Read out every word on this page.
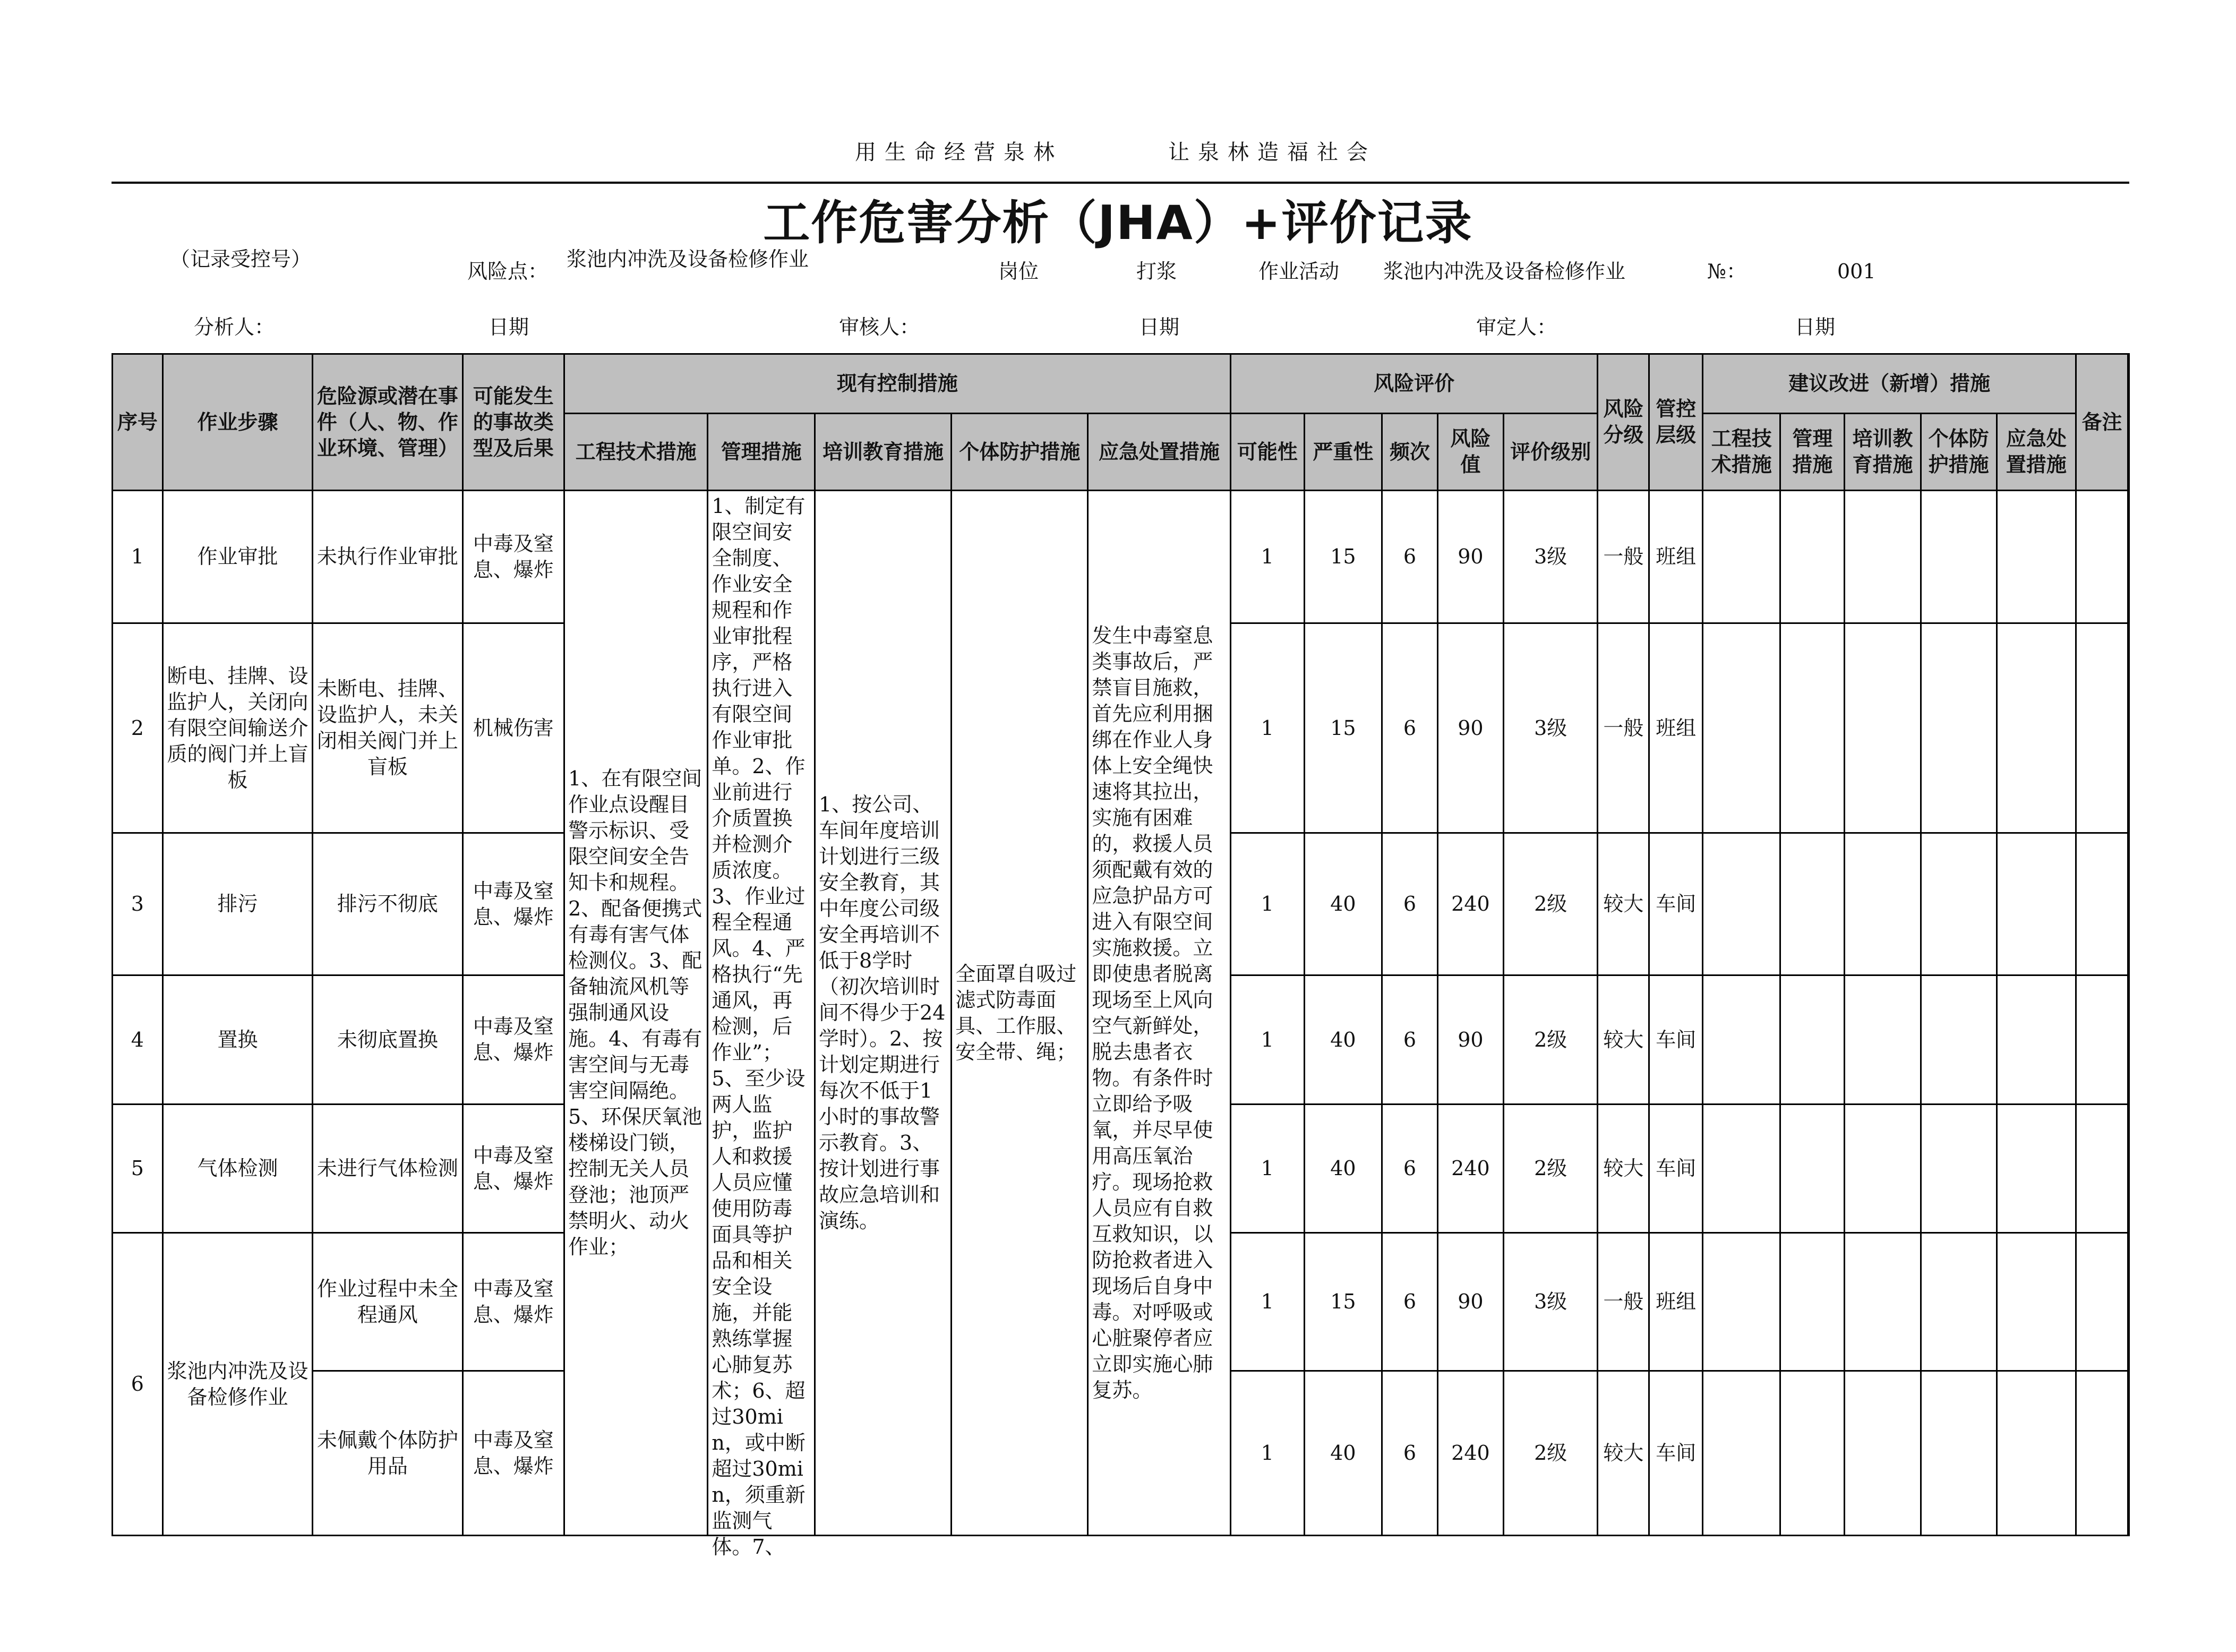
用生命经营泉林	让泉林造福社会
工作危害分析（JHA）+评价记录
（记录受控号）
风险点：
浆池内冲洗及设备检修作业
岗位	打浆	作业活动 浆池内冲洗及设备检修作业	№：	001
分析人：	日期	审核人：	日期	审定人：	日期
序号	作业步骤	危险源或潜在事件（人、物、作业环境、管理）	可能发生的事故类型及后果	现有控制措施					风险评价					风险分级	管控层级	建议改进（新增）措施					备注
				工程技术措施	管理措施	培训教育措施	个体防护措施	应急处置措施	可能性	严重性	频次	风险值	评价级别			工程技术措施	管理措施	培训教育措施	个体防护措施	应急处置措施	
1	作业审批	未执行作业审批	中毒及窒息、爆炸	1、在有限空间作业点设醒目警示标识、受限空间安全告知卡和规程。2、配备便携式有毒有害气体检测仪。3、配备轴流风机等强制通风设施。4、有毒有害空间与无毒害空间隔绝。5、环保厌氧池楼梯设门锁，控制无关人员登池；池顶严禁明火、动火作业；	1、制定有限空间安全制度、作业安全规程和作业审批程序，严格执行进入有限空间作业审批单。2、作业前进行介质置换并检测介质浓度。3、作业过程全程通风。4、严格执行“先通风，再检测，后作业”；5、至少设两人监护，监护人和救援人员应懂使用防毒面具等护品和相关安全设施，并能熟练掌握心肺复苏术；6、超过30min，或中断超过30min，须重新监测气体。7、	1、按公司、车间年度培训计划进行三级安全教育，其中年度公司级安全再培训不低于8学时（初次培训时间不得少于24学时）。2、按计划定期进行每次不低于1小时的事故警示教育。3、按计划进行事故应急培训和演练。	全面罩自吸过滤式防毒面具、工作服、安全带、绳；	发生中毒窒息类事故后，严禁盲目施救，首先应利用捆绑在作业人身体上安全绳快速将其拉出，实施有困难的，救援人员须配戴有效的应急护品方可进入有限空间实施救援。立即使患者脱离现场至上风向空气新鲜处，脱去患者衣物。有条件时立即给予吸氧，并尽早使用高压氧治疗。现场抢救人员应有自救互救知识，以防抢救者进入现场后自身中毒。对呼吸或心脏聚停者应立即实施心肺复苏。	1	15	6	90	3级	一般	班组						
2	断电、挂牌、设监护人，关闭向有限空间输送介质的阀门并上盲板	未断电、挂牌、设监护人，未关闭相关阀门并上盲板	机械伤害						1	15	6	90	3级	一般	班组						
3	排污	排污不彻底	中毒及窒息、爆炸						1	40	6	240	2级	较大	车间						
4	置换	未彻底置换	中毒及窒息、爆炸						1	40	6	90	2级	较大	车间						
5	气体检测	未进行气体检测	中毒及窒息、爆炸						1	40	6	240	2级	较大	车间						
6	浆池内冲洗及设备检修作业	作业过程中未全程通风	中毒及窒息、爆炸						1	15	6	90	3级	一般	班组						
		未佩戴个体防护用品	中毒及窒息、爆炸						1	40	6	240	2级	较大	车间						
